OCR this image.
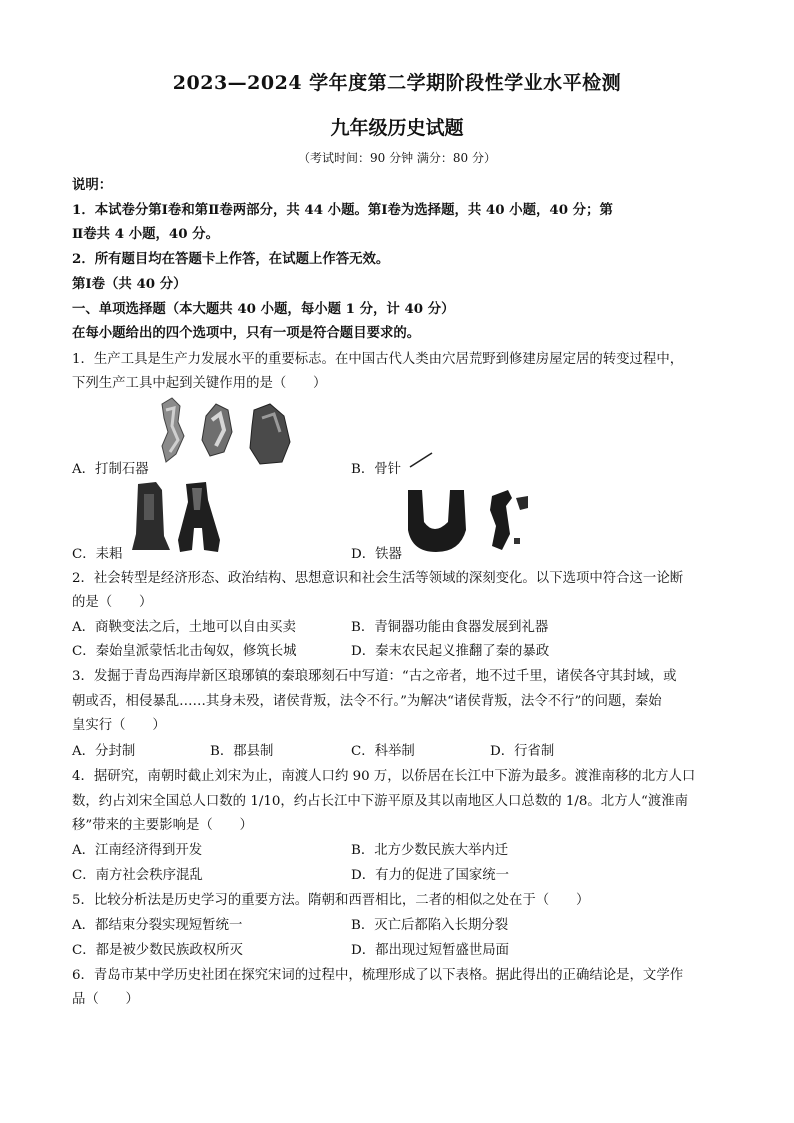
2023—2024 学年度第二学期阶段性学业水平检测
九年级历史试题
（考试时间：90 分钟 满分：80 分）
说明：
1．本试卷分第Ⅰ卷和第Ⅱ卷两部分，共 44 小题。第Ⅰ卷为选择题，共 40 小题，40 分；第
Ⅱ卷共 4 小题，40 分。
2．所有题目均在答题卡上作答，在试题上作答无效。
第Ⅰ卷（共 40 分）
一、单项选择题（本大题共 40 小题，每小题 1 分，计 40 分）
在每小题给出的四个选项中，只有一项是符合题目要求的。
1．生产工具是生产力发展水平的重要标志。在中国古代人类由穴居荒野到修建房屋定居的转变过程中，
下列生产工具中起到关键作用的是（　　）
A．打制石器	B．骨针
C．耒耜	D．铁器
2．社会转型是经济形态、政治结构、思想意识和社会生活等领域的深刻变化。以下选项中符合这一论断
的是（　　）
A．商鞅变法之后，土地可以自由买卖	B．青铜器功能由食器发展到礼器
C．秦始皇派蒙恬北击匈奴，修筑长城	D．秦末农民起义推翻了秦的暴政
3．发掘于青岛西海岸新区琅琊镇的秦琅琊刻石中写道：“古之帝者，地不过千里，诸侯各守其封域，或
朝或否，相侵暴乱……其身未殁，诸侯背叛，法令不行。”为解决“诸侯背叛，法令不行”的问题，秦始
皇实行（　　）
A．分封制	B．郡县制	C．科举制	D．行省制
4．据研究，南朝时截止刘宋为止，南渡人口约 90 万，以侨居在长江中下游为最多。渡淮南移的北方人口
数，约占刘宋全国总人口数的 1/10，约占长江中下游平原及其以南地区人口总数的 1/8。北方人“渡淮南
移”带来的主要影响是（　　）
A．江南经济得到开发	B．北方少数民族大举内迁
C．南方社会秩序混乱	D．有力的促进了国家统一
5．比较分析法是历史学习的重要方法。隋朝和西晋相比，二者的相似之处在于（　　）
A．都结束分裂实现短暂统一	B．灭亡后都陷入长期分裂
C．都是被少数民族政权所灭	D．都出现过短暂盛世局面
6．青岛市某中学历史社团在探究宋词的过程中，梳理形成了以下表格。据此得出的正确结论是，文学作
品（　　）
